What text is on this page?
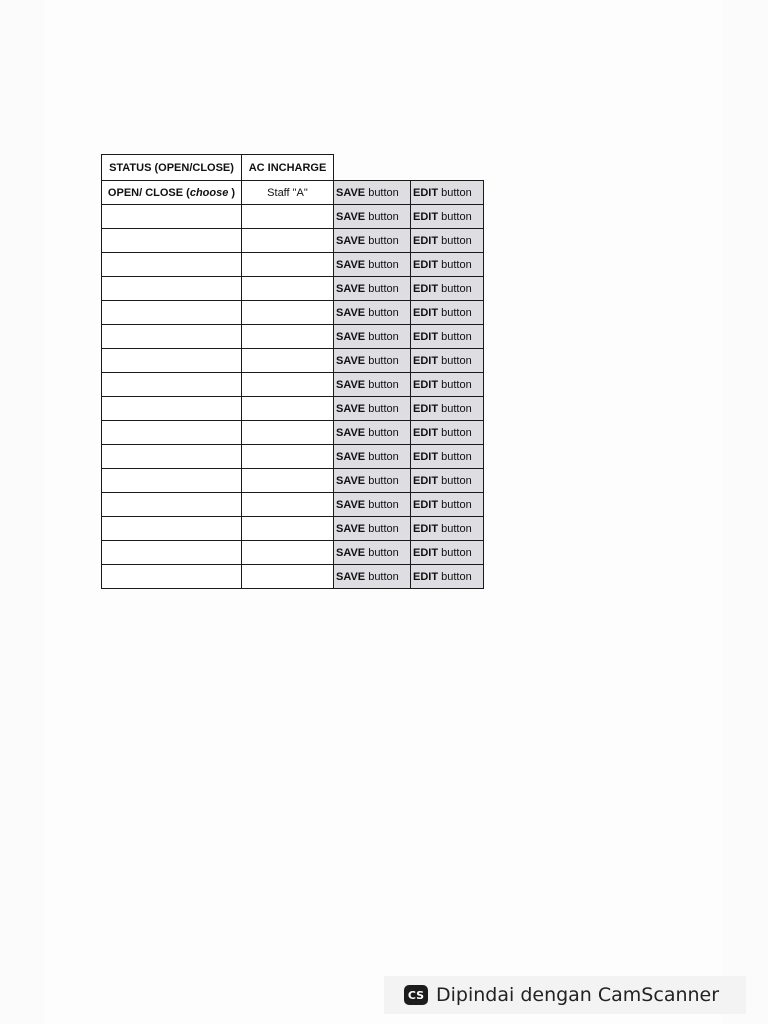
STATUS (OPEN/CLOSE)	AC INCHARGE		
OPEN/ CLOSE (choose )	Staff "A"	SAVE button	EDIT button
		SAVE button	EDIT button
		SAVE button	EDIT button
		SAVE button	EDIT button
		SAVE button	EDIT button
		SAVE button	EDIT button
		SAVE button	EDIT button
		SAVE button	EDIT button
		SAVE button	EDIT button
		SAVE button	EDIT button
		SAVE button	EDIT button
		SAVE button	EDIT button
		SAVE button	EDIT button
		SAVE button	EDIT button
		SAVE button	EDIT button
		SAVE button	EDIT button
		SAVE button	EDIT button
CS Dipindai dengan CamScanner
